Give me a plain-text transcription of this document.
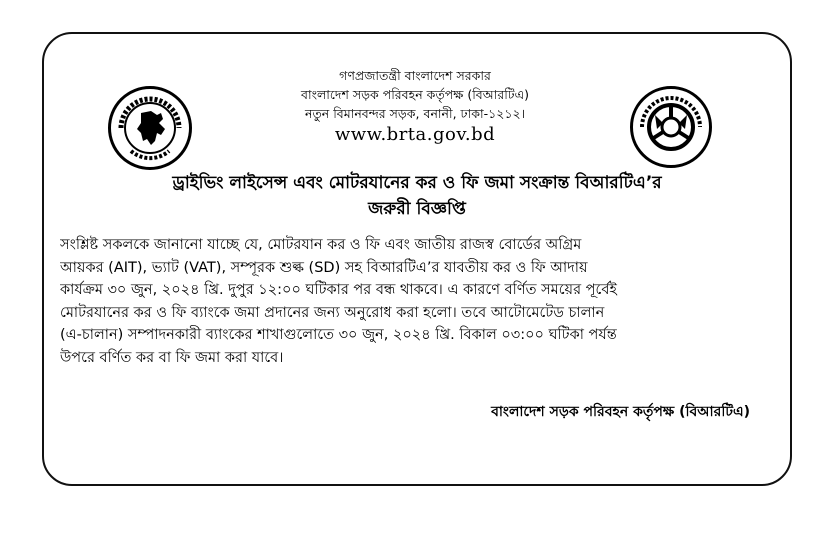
গণপ্রজাতন্ত্রী বাংলাদেশ সরকার
বাংলাদেশ সড়ক পরিবহন কর্তৃপক্ষ (বিআরটিএ)
নতুন বিমানবন্দর সড়ক, বনানী, ঢাকা-১২১২।
www.brta.gov.bd
ড্রাইভিং লাইসেন্স এবং মোটরযানের কর ও ফি জমা সংক্রান্ত বিআরটিএ’র
জরুরী বিজ্ঞপ্তি
সংশ্লিষ্ট সকলকে জানানো যাচ্ছে যে, মোটরযান কর ও ফি এবং জাতীয় রাজস্ব বোর্ডের অগ্রিম
আয়কর (AIT), ভ্যাট (VAT), সম্পূরক শুল্ক (SD) সহ বিআরটিএ’র যাবতীয় কর ও ফি আদায়
কার্যক্রম ৩০ জুন, ২০২৪ খ্রি. দুপুর ১২:০০ ঘটিকার পর বন্ধ থাকবে। এ কারণে বর্ণিত সময়ের পূর্বেই
মোটরযানের কর ও ফি ব্যাংকে জমা প্রদানের জন্য অনুরোধ করা হলো। তবে আটোমেটেড চালান
(এ-চালান) সম্পাদনকারী ব্যাংকের শাখাগুলোতে ৩০ জুন, ২০২৪ খ্রি. বিকাল ০৩:০০ ঘটিকা পর্যন্ত
উপরে বর্ণিত কর বা ফি জমা করা যাবে।
বাংলাদেশ সড়ক পরিবহন কর্তৃপক্ষ (বিআরটিএ)
